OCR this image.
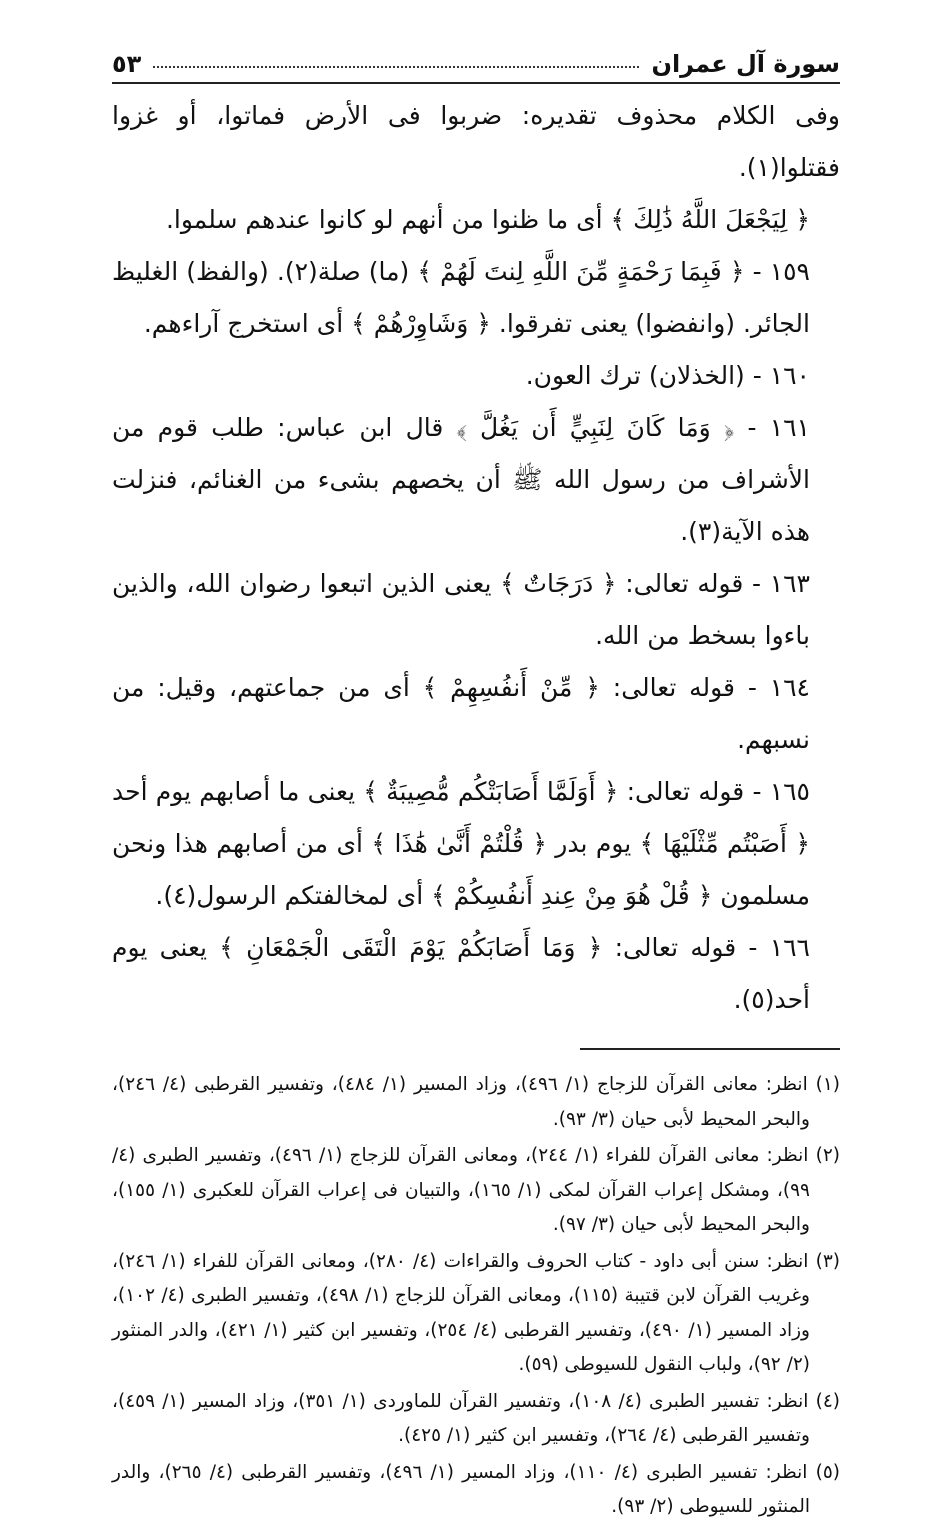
سورة آل عمران
٥٣

وفى الكلام محذوف تقديره: ضربوا فى الأرض فماتوا، أو غزوا فقتلوا(١).

﴿ لِيَجْعَلَ اللَّهُ ذَٰلِكَ ﴾ أى ما ظنوا من أنهم لو كانوا عندهم سلموا.

١٥٩ - ﴿ فَبِمَا رَحْمَةٍ مِّنَ اللَّهِ لِنتَ لَهُمْ ﴾ (ما) صلة(٢). (والفظ) الغليظ الجائر. (وانفضوا) يعنى تفرقوا. ﴿ وَشَاوِرْهُمْ ﴾ أى استخرج آراءهم.

١٦٠ - (الخذلان) ترك العون.

١٦١ - ﴿ وَمَا كَانَ لِنَبِيٍّ أَن يَغُلَّ ﴾ قال ابن عباس: طلب قوم من الأشراف من رسول الله ﷺ أن يخصهم بشىء من الغنائم، فنزلت هذه الآية(٣).

١٦٣ - قوله تعالى: ﴿ دَرَجَاتٌ ﴾ يعنى الذين اتبعوا رضوان الله، والذين باءوا بسخط من الله.

١٦٤ - قوله تعالى: ﴿ مِّنْ أَنفُسِهِمْ ﴾ أى من جماعتهم، وقيل: من نسبهم.

١٦٥ - قوله تعالى: ﴿ أَوَلَمَّا أَصَابَتْكُم مُّصِيبَةٌ ﴾ يعنى ما أصابهم يوم أحد ﴿ أَصَبْتُم مِّثْلَيْهَا ﴾ يوم بدر ﴿ قُلْتُمْ أَنَّىٰ هَٰذَا ﴾ أى من أصابهم هذا ونحن مسلمون ﴿ قُلْ هُوَ مِنْ عِندِ أَنفُسِكُمْ ﴾ أى لمخالفتكم الرسول(٤).

١٦٦ - قوله تعالى: ﴿ وَمَا أَصَابَكُمْ يَوْمَ الْتَقَى الْجَمْعَانِ ﴾ يعنى يوم أحد(٥).

(١) انظر: معانى القرآن للزجاج (١/ ٤٩٦)، وزاد المسير (١/ ٤٨٤)، وتفسير القرطبى (٤/ ٢٤٦)، والبحر المحيط لأبى حيان (٣/ ٩٣).

(٢) انظر: معانى القرآن للفراء (١/ ٢٤٤)، ومعانى القرآن للزجاج (١/ ٤٩٦)، وتفسير الطبرى (٤/ ٩٩)، ومشكل إعراب القرآن لمكى (١/ ١٦٥)، والتبيان فى إعراب القرآن للعكبرى (١/ ١٥٥)، والبحر المحيط لأبى حيان (٣/ ٩٧).

(٣) انظر: سنن أبى داود - كتاب الحروف والقراءات (٤/ ٢٨٠)، ومعانى القرآن للفراء (١/ ٢٤٦)، وغريب القرآن لابن قتيبة (١١٥)، ومعانى القرآن للزجاج (١/ ٤٩٨)، وتفسير الطبرى (٤/ ١٠٢)، وزاد المسير (١/ ٤٩٠)، وتفسير القرطبى (٤/ ٢٥٤)، وتفسير ابن كثير (١/ ٤٢١)، والدر المنثور (٢/ ٩٢)، ولباب النقول للسيوطى (٥٩).

(٤) انظر: تفسير الطبرى (٤/ ١٠٨)، وتفسير القرآن للماوردى (١/ ٣٥١)، وزاد المسير (١/ ٤٥٩)، وتفسير القرطبى (٤/ ٢٦٤)، وتفسير ابن كثير (١/ ٤٢٥).

(٥) انظر: تفسير الطبرى (٤/ ١١٠)، وزاد المسير (١/ ٤٩٦)، وتفسير القرطبى (٤/ ٢٦٥)، والدر المنثور للسيوطى (٢/ ٩٣).
